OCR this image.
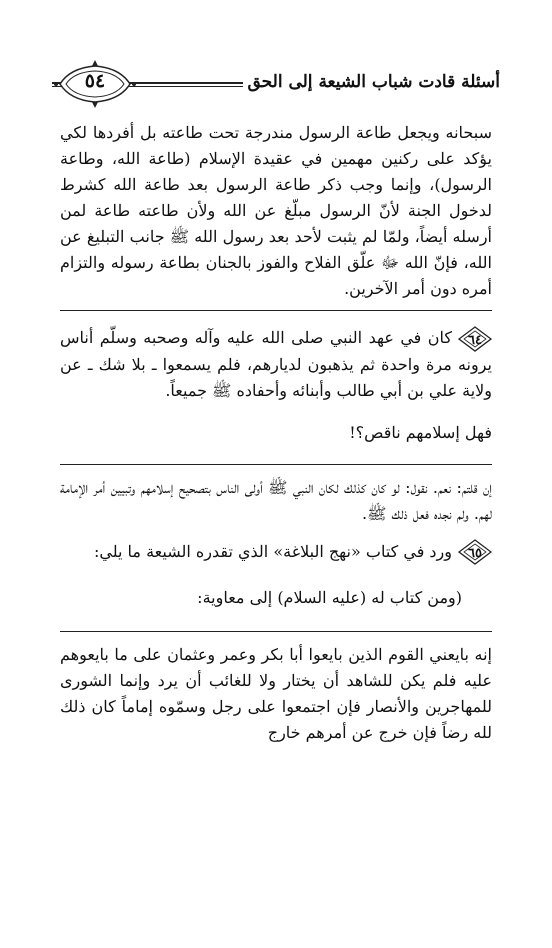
٥٤	أسئلة قادت شباب الشيعة إلى الحق

سبحانه ويجعل طاعة الرسول مندرجة تحت طاعته بل أفردها لكي يؤكد على ركنين مهمين في عقيدة الإسلام (طاعة الله، وطاعة الرسول)، وإنما وجب ذكر طاعة الرسول بعد طاعة الله كشرط لدخول الجنة لأنّ الرسول مبلّغ عن الله ولأن طاعته طاعة لمن أرسله أيضاً، ولمّا لم يثبت لأحد بعد رسول الله ﷺ جانب التبليغ عن الله، فإنّ الله ﷻ علّق الفلاح والفوز بالجنان بطاعة رسوله والتزام أمره دون أمر الآخرين.

٦٤
كان في عهد النبي صلى الله عليه وآله وصحبه وسلّم أناس يرونه مرة واحدة ثم يذهبون لديارهم، فلم يسمعوا ـ بلا شك ـ عن ولاية علي بن أبي طالب وأبنائه وأحفاده ﷺ جميعاً.

فهل إسلامهم ناقص؟!

إن قلتم: نعم. نقول: لو كان كذلك لكان النبي ﷺ أولى الناس بتصحيح إسلامهم وتبيين أمر الإمامة لهم. ولم نجده فعل ذلك ﷺ.

٦٥
ورد في كتاب «نهج البلاغة» الذي تقدره الشيعة ما يلي:

(ومن كتاب له (عليه السلام) إلى معاوية:

إنه بايعني القوم الذين بايعوا أبا بكر وعمر وعثمان على ما بايعوهم عليه فلم يكن للشاهد أن يختار ولا للغائب أن يرد وإنما الشورى للمهاجرين والأنصار فإن اجتمعوا على رجل وسمّوه إماماً كان ذلك لله رضاً فإن خرج عن أمرهم خارج
